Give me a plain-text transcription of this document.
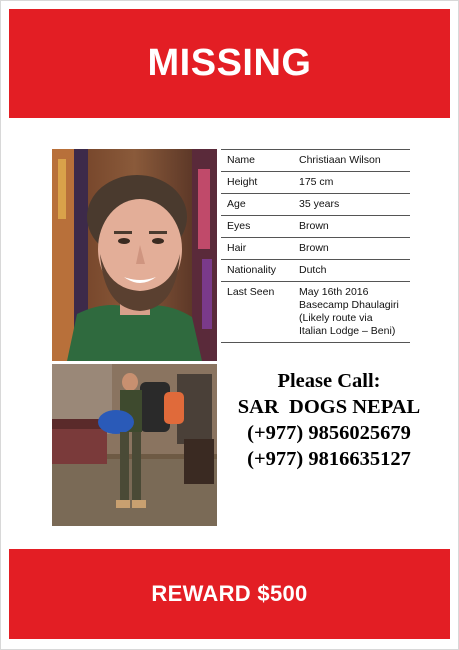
MISSING
Name	Christiaan Wilson
Height	175 cm
Age	35 years
Eyes	Brown
Hair	Brown
Nationality	Dutch
Last Seen	May 16th 2016
Basecamp Dhaulagiri
(Likely route via
Italian Lodge – Beni)
Please Call:
SAR  DOGS NEPAL
(+977) 9856025679
(+977) 9816635127
REWARD $500
